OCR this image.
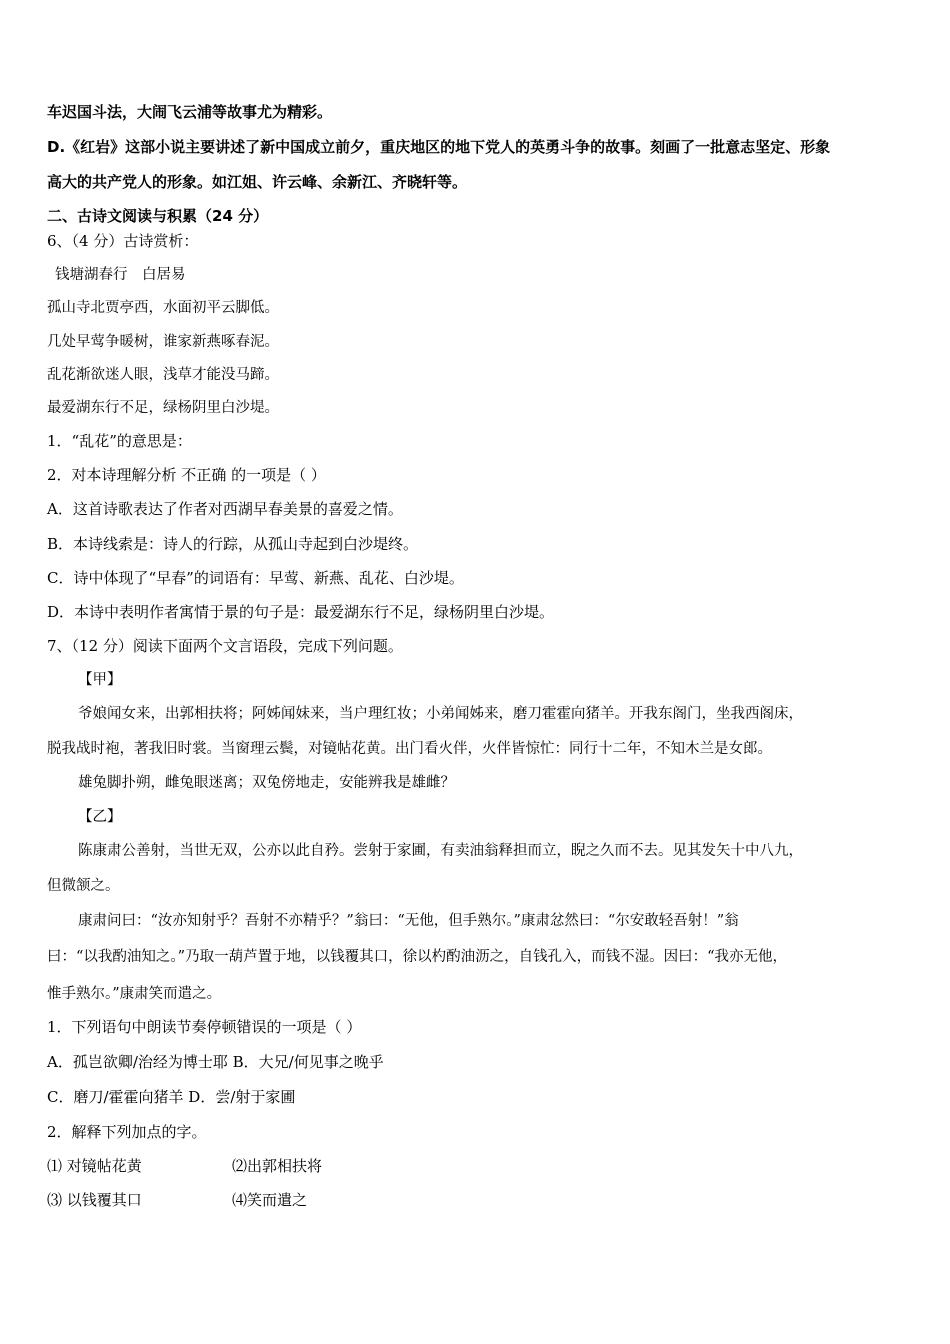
车迟国斗法，大闹飞云浦等故事尤为精彩。
D.《红岩》这部小说主要讲述了新中国成立前夕，重庆地区的地下党人的英勇斗争的故事。刻画了一批意志坚定、形象
高大的共产党人的形象。如江姐、许云峰、余新江、齐晓轩等。
二、古诗文阅读与积累（24 分）
6、（4 分）古诗赏析：
钱塘湖春行　白居易
孤山寺北贾亭西，水面初平云脚低。
几处早莺争暖树，谁家新燕啄春泥。
乱花渐欲迷人眼，浅草才能没马蹄。
最爱湖东行不足，绿杨阴里白沙堤。
1．“乱花”的意思是：
2．对本诗理解分析 不正确 的一项是（ ）
A．这首诗歌表达了作者对西湖早春美景的喜爱之情。
B．本诗线索是：诗人的行踪，从孤山寺起到白沙堤终。
C．诗中体现了“早春”的词语有：早莺、新燕、乱花、白沙堤。
D．本诗中表明作者寓情于景的句子是：最爱湖东行不足，绿杨阴里白沙堤。
7、（12 分）阅读下面两个文言语段，完成下列问题。
【甲】
爷娘闻女来，出郭相扶将；阿姊闻妹来，当户理红妆；小弟闻姊来，磨刀霍霍向猪羊。开我东阁门，坐我西阁床，
脱我战时袍，著我旧时裳。当窗理云鬓，对镜帖花黄。出门看火伴，火伴皆惊忙：同行十二年，不知木兰是女郎。
雄兔脚扑朔，雌兔眼迷离；双兔傍地走，安能辨我是雄雌？
【乙】
陈康肃公善射，当世无双，公亦以此自矜。尝射于家圃，有卖油翁释担而立，睨之久而不去。见其发矢十中八九，
但微颔之。
康肃问曰：“汝亦知射乎？吾射不亦精乎？”翁曰：“无他，但手熟尔。”康肃忿然曰：“尔安敢轻吾射！”翁
曰：“以我酌油知之。”乃取一葫芦置于地，以钱覆其口，徐以杓酌油沥之，自钱孔入，而钱不湿。因曰：“我亦无他，
惟手熟尔。”康肃笑而遣之。
1．下列语句中朗读节奏停顿错误的一项是（ ）
A．孤岂欲卿/治经为博士耶 B．大兄/何见事之晚乎
C．磨刀/霍霍向猪羊 D．尝/射于家圃
2．解释下列加点的字。
⑴ 对镜帖花黄	⑵出郭相扶将
⑶ 以钱覆其口	⑷笑而遣之
